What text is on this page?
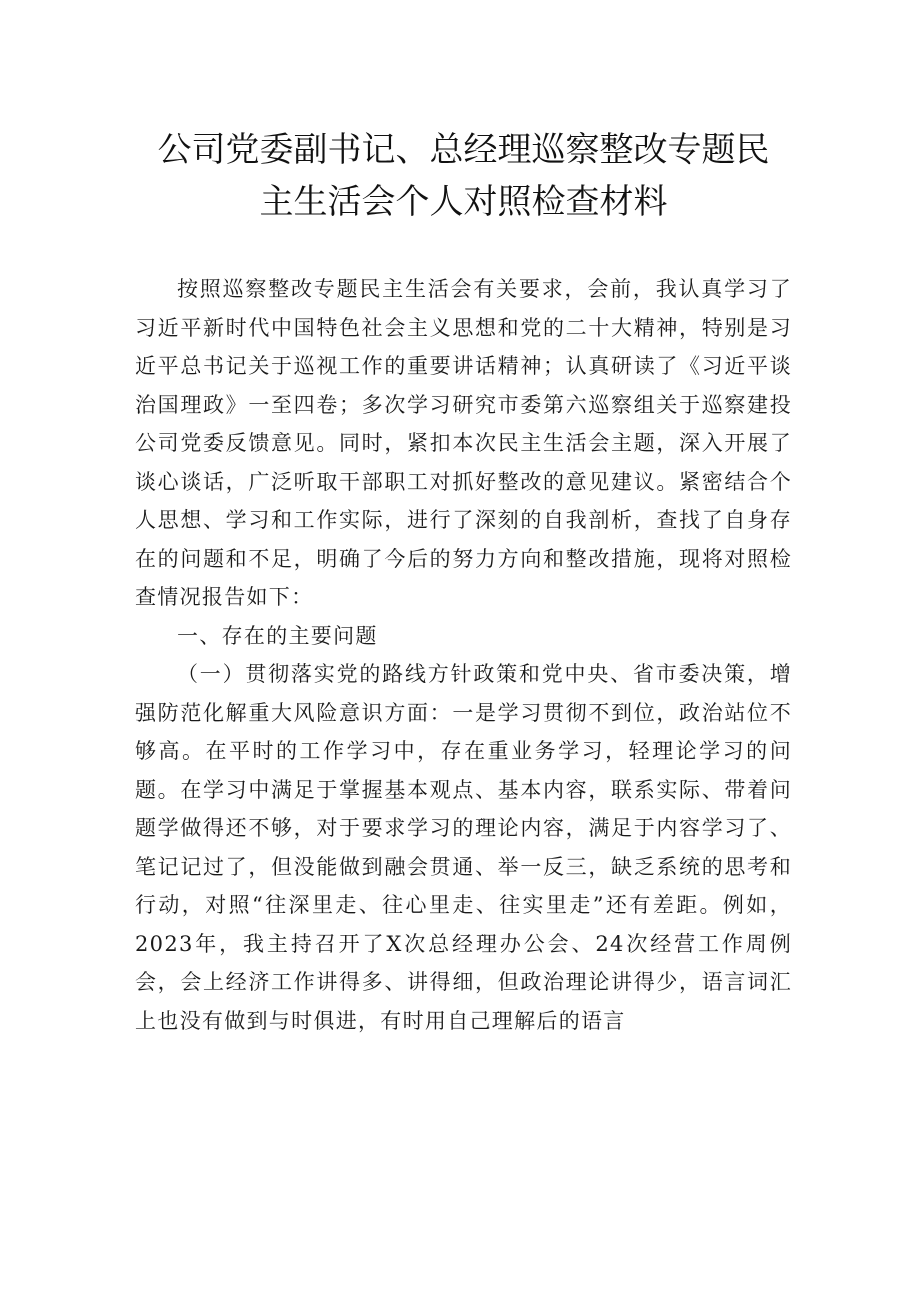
公司党委副书记、总经理巡察整改专题民
主生活会个人对照检查材料

按照巡察整改专题民主生活会有关要求，会前，我认真学习了习近平新时代中国特色社会主义思想和党的二十大精神，特别是习近平总书记关于巡视工作的重要讲话精神；认真研读了《习近平谈治国理政》一至四卷；多次学习研究市委第六巡察组关于巡察建投公司党委反馈意见。同时，紧扣本次民主生活会主题，深入开展了谈心谈话，广泛听取干部职工对抓好整改的意见建议。紧密结合个人思想、学习和工作实际，进行了深刻的自我剖析，查找了自身存在的问题和不足，明确了今后的努力方向和整改措施，现将对照检查情况报告如下：

一、存在的主要问题

（一）贯彻落实党的路线方针政策和党中央、省市委决策，增强防范化解重大风险意识方面：一是学习贯彻不到位，政治站位不够高。在平时的工作学习中，存在重业务学习，轻理论学习的问题。在学习中满足于掌握基本观点、基本内容，联系实际、带着问题学做得还不够，对于要求学习的理论内容，满足于内容学习了、笔记记过了，但没能做到融会贯通、举一反三，缺乏系统的思考和行动，对照“往深里走、往心里走、往实里走”还有差距。例如，2023年，我主持召开了X次总经理办公会、24次经营工作周例会，会上经济工作讲得多、讲得细，但政治理论讲得少，语言词汇上也没有做到与时俱进，有时用自己理解后的语言
